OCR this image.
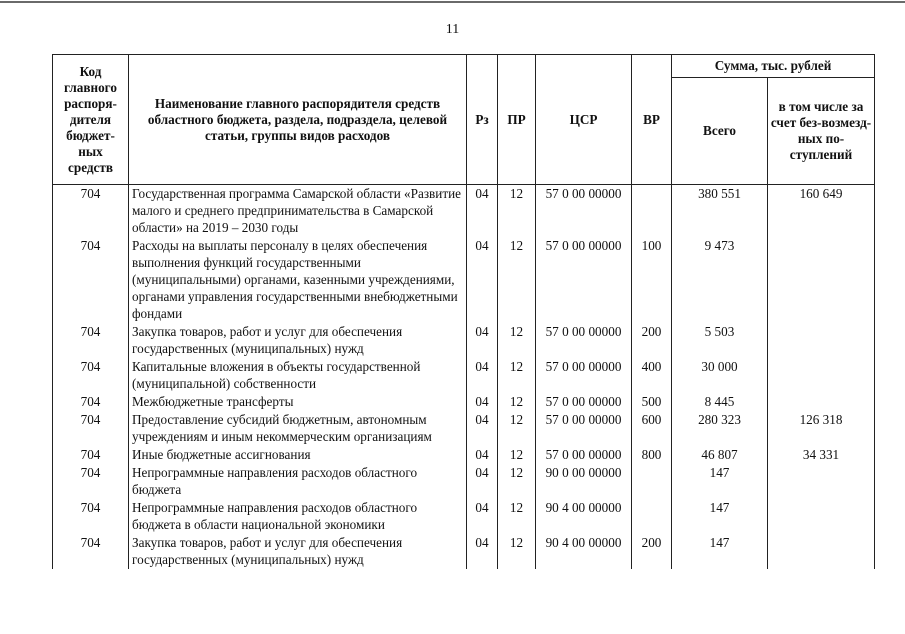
11
Код главного распоря-дителя бюджет-ных средств	Наименование главного распорядителя средств областного бюджета, раздела, подраздела, целевой статьи, группы видов расходов	Рз	ПР	ЦСР	ВР	Сумма, тыс. рублей	
						Всего	в том числе за счет без-возмезд-ных по-ступлений
704	Государственная программа Самарской области «Развитие малого и среднего предпринимательства в Самарской области» на 2019 – 2030 годы	04	12	57 0 00 00000		380 551	160 649
704	Расходы на выплаты персоналу в целях обеспечения выполнения функций государственными (муниципальными) органами, казенными учреждениями, органами управления государственными внебюджетными фондами	04	12	57 0 00 00000	100	9 473	
704	Закупка товаров, работ и услуг для обеспечения государственных (муниципальных) нужд	04	12	57 0 00 00000	200	5 503	
704	Капитальные вложения в объекты государственной (муниципальной) собственности	04	12	57 0 00 00000	400	30 000	
704	Межбюджетные трансферты	04	12	57 0 00 00000	500	8 445	
704	Предоставление субсидий бюджетным, автономным учреждениям и иным некоммерческим организациям	04	12	57 0 00 00000	600	280 323	126 318
704	Иные бюджетные ассигнования	04	12	57 0 00 00000	800	46 807	34 331
704	Непрограммные направления расходов областного бюджета	04	12	90 0 00 00000		147	
704	Непрограммные направления расходов областного бюджета в области национальной экономики	04	12	90 4 00 00000		147	
704	Закупка товаров, работ и услуг для обеспечения государственных (муниципальных) нужд	04	12	90 4 00 00000	200	147	
